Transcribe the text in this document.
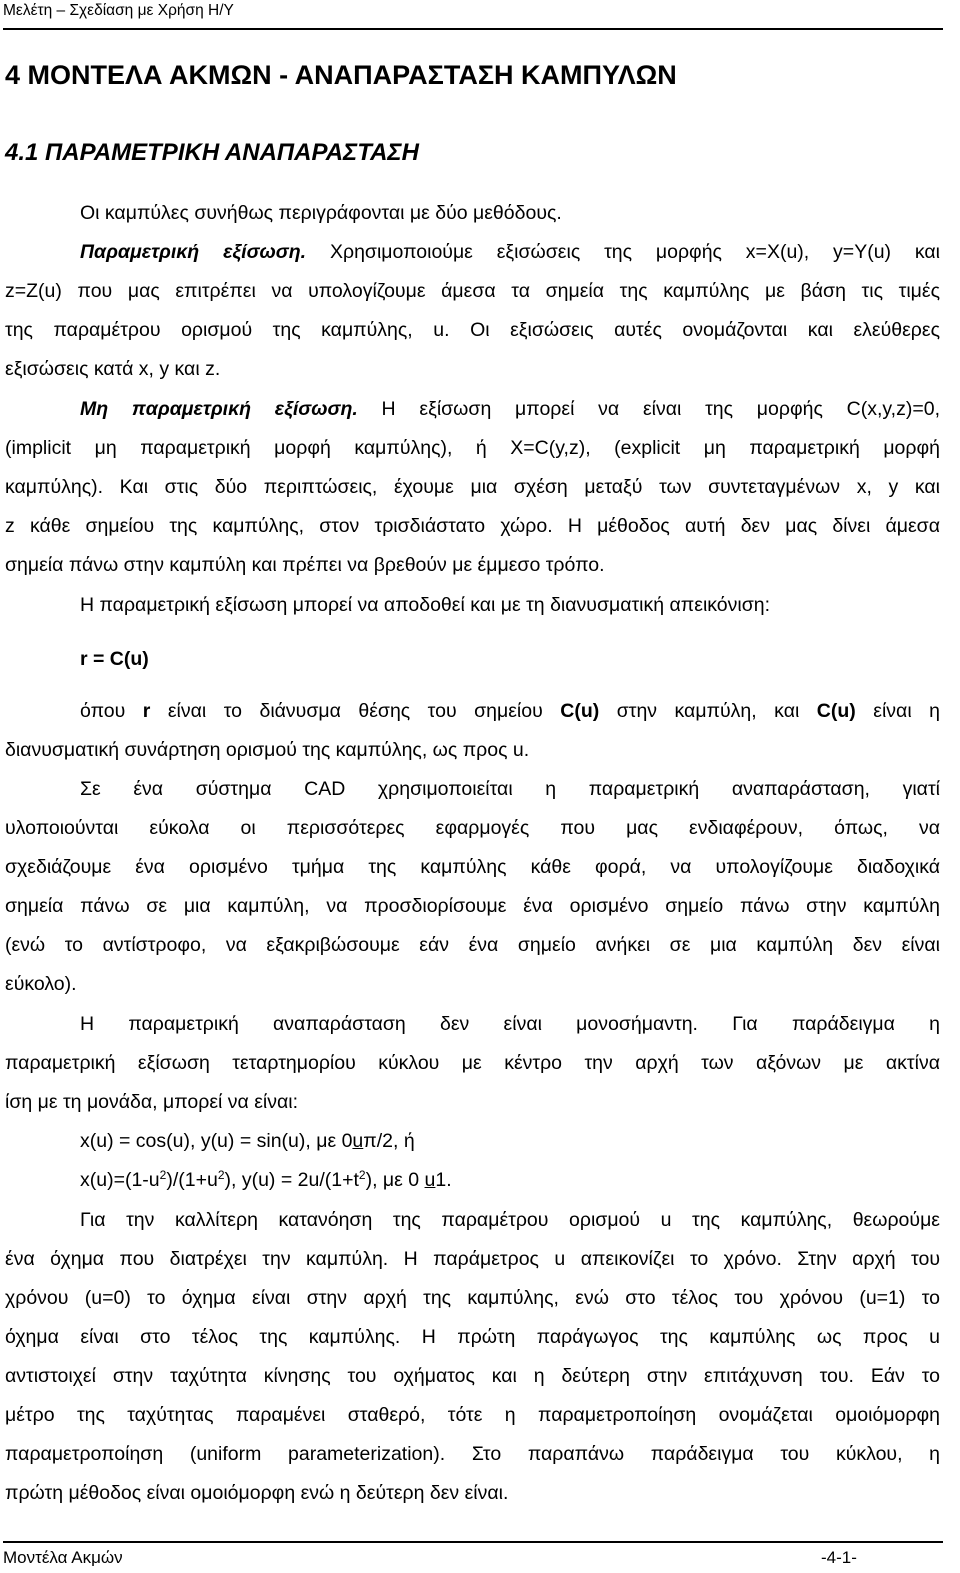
Μελέτη – Σχεδίαση με Χρήση Η/Υ
4 ΜΟΝΤΕΛΑ ΑΚΜΩΝ - ΑΝΑΠΑΡΑΣΤΑΣΗ ΚΑΜΠΥΛΩΝ
4.1 ΠΑΡΑΜΕΤΡΙΚΗ ΑΝΑΠΑΡΑΣΤΑΣΗ
Οι καμπύλες συνήθως περιγράφονται με δύο μεθόδους.
Παραμετρική εξίσωση. Χρησιμοποιούμε εξισώσεις της μορφής x=X(u), y=Y(u) και
z=Z(u) που μας επιτρέπει να υπολογίζουμε άμεσα τα σημεία της καμπύλης με βάση τις τιμές
της παραμέτρου ορισμού της καμπύλης, u. Οι εξισώσεις αυτές ονομάζονται και ελεύθερες
εξισώσεις κατά x, y και z.
Μη παραμετρική εξίσωση. Η εξίσωση μπορεί να είναι της μορφής C(x,y,z)=0,
(implicit μη παραμετρική μορφή καμπύλης), ή X=C(y,z), (explicit μη παραμετρική μορφή
καμπύλης). Και στις δύο περιπτώσεις, έχουμε μια σχέση μεταξύ των συντεταγμένων x, y και
z κάθε σημείου της καμπύλης, στον τρισδιάστατο χώρο. Η μέθοδος αυτή δεν μας δίνει άμεσα
σημεία πάνω στην καμπύλη και πρέπει να βρεθούν με έμμεσο τρόπο.
Η παραμετρική εξίσωση μπορεί να αποδοθεί και με τη διανυσματική απεικόνιση:
r = C(u)
όπου r είναι το διάνυσμα θέσης του σημείου C(u) στην καμπύλη, και C(u) είναι η
διανυσματική συνάρτηση ορισμού της καμπύλης, ως προς u.
Σε ένα σύστημα CAD χρησιμοποιείται η παραμετρική αναπαράσταση, γιατί
υλοποιούνται εύκολα οι περισσότερες εφαρμογές που μας ενδιαφέρουν, όπως, να
σχεδιάζουμε ένα ορισμένο τμήμα της καμπύλης κάθε φορά, να υπολογίζουμε διαδοχικά
σημεία πάνω σε μια καμπύλη, να προσδιορίσουμε ένα ορισμένο σημείο πάνω στην καμπύλη
(ενώ το αντίστροφο, να εξακριβώσουμε εάν ένα σημείο ανήκει σε μια καμπύλη δεν είναι
εύκολο).
Η παραμετρική αναπαράσταση δεν είναι μονοσήμαντη. Για παράδειγμα η
παραμετρική εξίσωση τεταρτημορίου κύκλου με κέντρο την αρχή των αξόνων με ακτίνα
ίση με τη μονάδα, μπορεί να είναι:
x(u) = cos(u), y(u) = sin(u), με 0uπ/2, ή
$x(u)=(1-u^2)/(1+u^2)$, $y(u) = 2u/(1+t^2)$, με 0 u1.
Για την καλλίτερη κατανόηση της παραμέτρου ορισμού u της καμπύλης, θεωρούμε
ένα όχημα που διατρέχει την καμπύλη. Η παράμετρος u απεικονίζει το χρόνο. Στην αρχή του
χρόνου (u=0) το όχημα είναι στην αρχή της καμπύλης, ενώ στο τέλος του χρόνου (u=1) το
όχημα είναι στο τέλος της καμπύλης. Η πρώτη παράγωγος της καμπύλης ως προς u
αντιστοιχεί στην ταχύτητα κίνησης του οχήματος και η δεύτερη στην επιτάχυνση του. Εάν το
μέτρο της ταχύτητας παραμένει σταθερό, τότε η παραμετροποίηση ονομάζεται ομοιόμορφη
παραμετροποίηση (uniform parameterization). Στο παραπάνω παράδειγμα του κύκλου, η
πρώτη μέθοδος είναι ομοιόμορφη ενώ η δεύτερη δεν είναι.
Μοντέλα Ακμών	-4-1-
